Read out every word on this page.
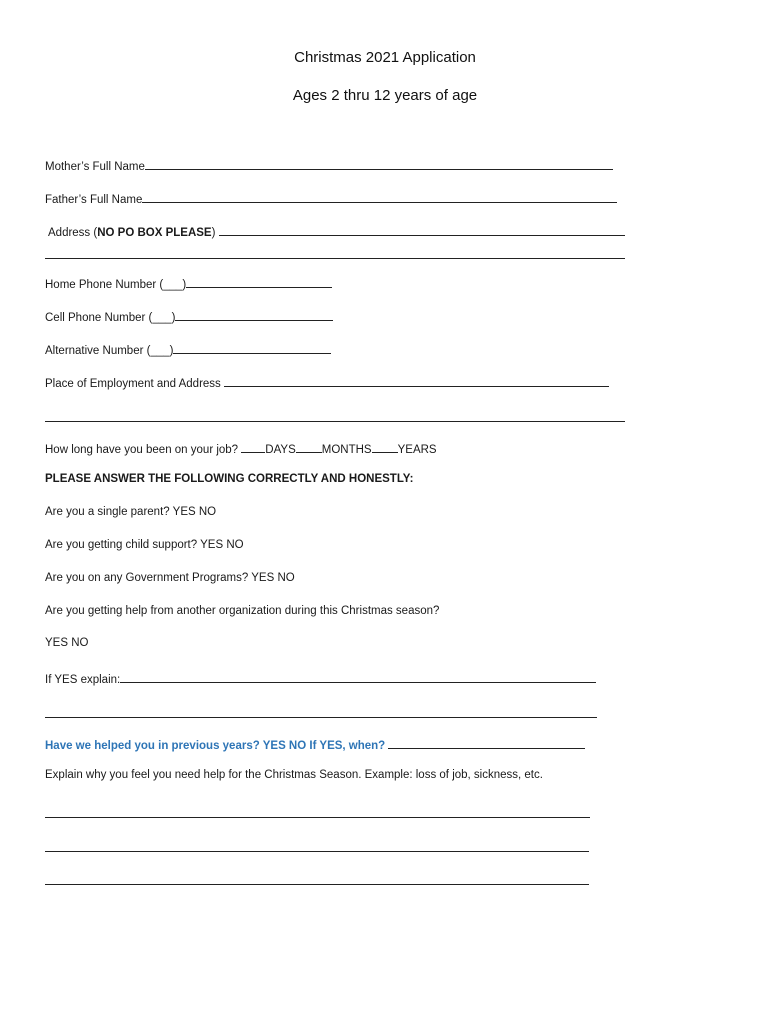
Christmas 2021 Application
Ages 2 thru 12 years of age
Mother’s Full Name
Father’s Full Name
Address (NO PO BOX PLEASE)
Home Phone Number (___)
Cell Phone Number (___)
Alternative Number (___)
Place of Employment and Address
How long have you been on your job? DAYS MONTHS YEARS
PLEASE ANSWER THE FOLLOWING CORRECTLY AND HONESTLY:
Are you a single parent? YES NO
Are you getting child support? YES NO
Are you on any Government Programs? YES NO
Are you getting help from another organization during this Christmas season?
YES NO
If YES explain:
Have we helped you in previous years? YES NO If YES, when?
Explain why you feel you need help for the Christmas Season. Example: loss of job, sickness, etc.
